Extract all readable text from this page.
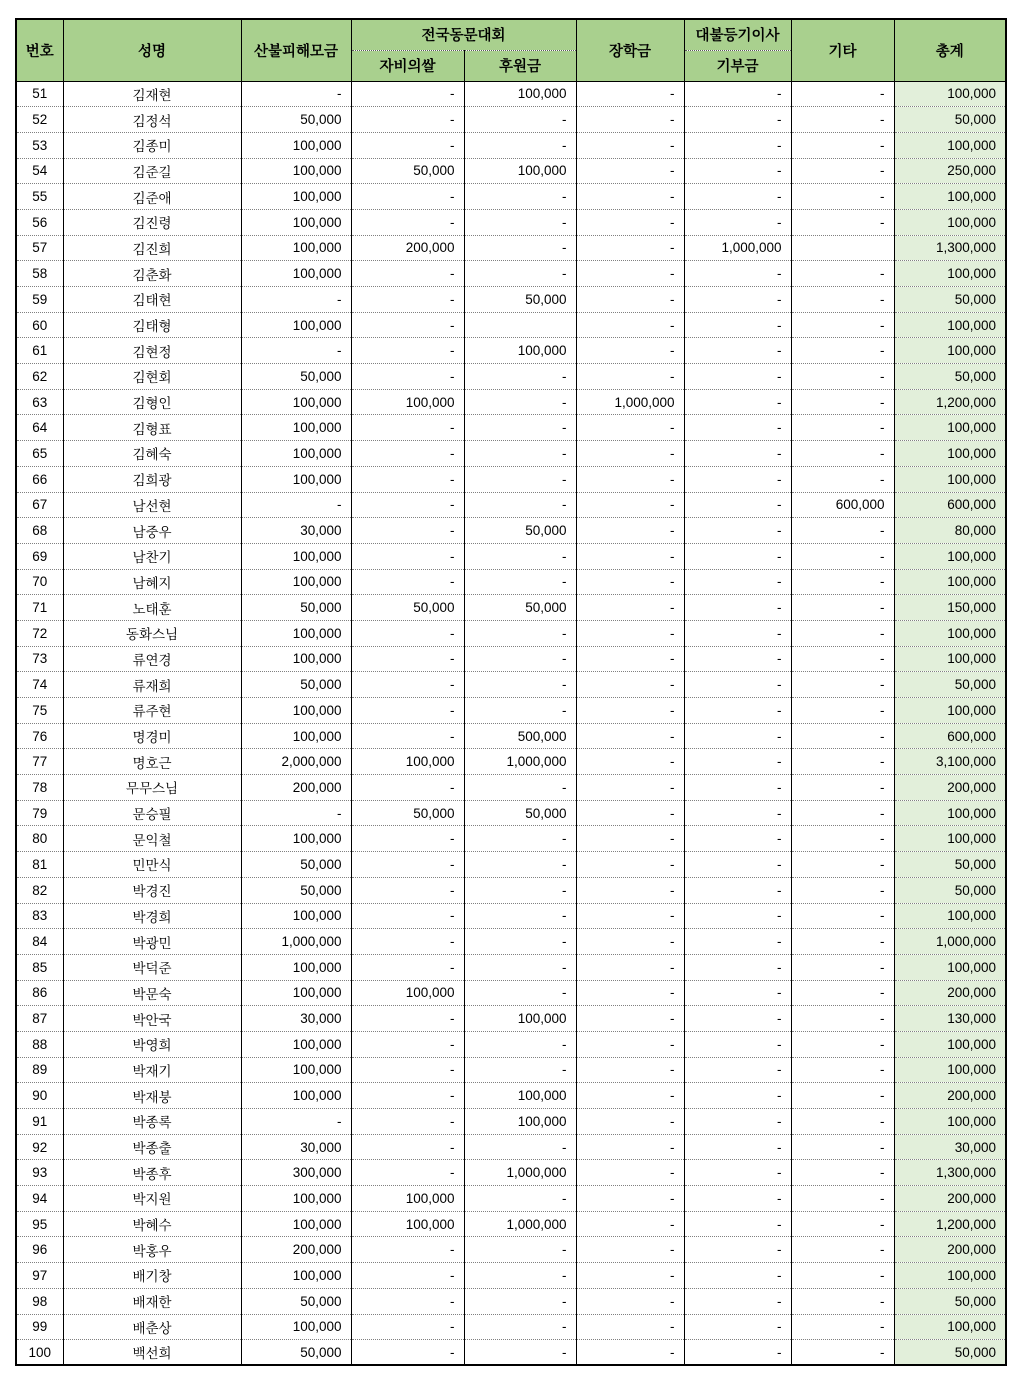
번호	성명	산불피해모금	전국동문대회		장학금	대불등기이사	기타	총계
			자비의쌀	후원금		기부금		
51	김재현	-	-	100,000	-	-	-	100,000
52	김정석	50,000	-	-	-	-	-	50,000
53	김종미	100,000	-	-	-	-	-	100,000
54	김준길	100,000	50,000	100,000	-	-	-	250,000
55	김준애	100,000	-	-	-	-	-	100,000
56	김진령	100,000	-	-	-	-	-	100,000
57	김진희	100,000	200,000	-	-	1,000,000		1,300,000
58	김춘화	100,000	-	-	-	-	-	100,000
59	김태현	-	-	50,000	-	-	-	50,000
60	김태형	100,000	-		-	-	-	100,000
61	김현정	-	-	100,000	-	-	-	100,000
62	김현회	50,000	-	-	-	-	-	50,000
63	김형인	100,000	100,000	-	1,000,000	-	-	1,200,000
64	김형표	100,000	-	-	-	-	-	100,000
65	김혜숙	100,000	-	-	-	-	-	100,000
66	김희광	100,000	-	-	-	-	-	100,000
67	남선현	-	-	-	-	-	600,000	600,000
68	남중우	30,000	-	50,000	-	-	-	80,000
69	남찬기	100,000	-	-	-	-	-	100,000
70	남혜지	100,000	-	-	-	-	-	100,000
71	노태훈	50,000	50,000	50,000	-	-	-	150,000
72	동화스님	100,000	-	-	-	-	-	100,000
73	류연경	100,000	-	-	-	-	-	100,000
74	류재희	50,000	-	-	-	-	-	50,000
75	류주현	100,000	-	-	-	-	-	100,000
76	명경미	100,000	-	500,000	-	-	-	600,000
77	명호근	2,000,000	100,000	1,000,000	-	-	-	3,100,000
78	무무스님	200,000	-	-	-	-	-	200,000
79	문승필	-	50,000	50,000	-	-	-	100,000
80	문익철	100,000	-	-	-	-	-	100,000
81	민만식	50,000	-	-	-	-	-	50,000
82	박경진	50,000	-	-	-	-	-	50,000
83	박경희	100,000	-	-	-	-	-	100,000
84	박광민	1,000,000	-	-	-	-	-	1,000,000
85	박덕준	100,000	-	-	-	-	-	100,000
86	박문숙	100,000	100,000	-	-	-	-	200,000
87	박안국	30,000	-	100,000	-	-	-	130,000
88	박영희	100,000	-	-	-	-	-	100,000
89	박재기	100,000	-	-	-	-	-	100,000
90	박재붕	100,000	-	100,000	-	-	-	200,000
91	박종록	-	-	100,000	-	-	-	100,000
92	박종출	30,000	-	-	-	-	-	30,000
93	박종후	300,000	-	1,000,000	-	-	-	1,300,000
94	박지원	100,000	100,000	-	-	-	-	200,000
95	박혜수	100,000	100,000	1,000,000	-	-	-	1,200,000
96	박홍우	200,000	-	-	-	-	-	200,000
97	배기창	100,000	-	-	-	-	-	100,000
98	배재한	50,000	-	-	-	-	-	50,000
99	배춘상	100,000	-	-	-	-	-	100,000
100	백선희	50,000	-	-	-	-	-	50,000
